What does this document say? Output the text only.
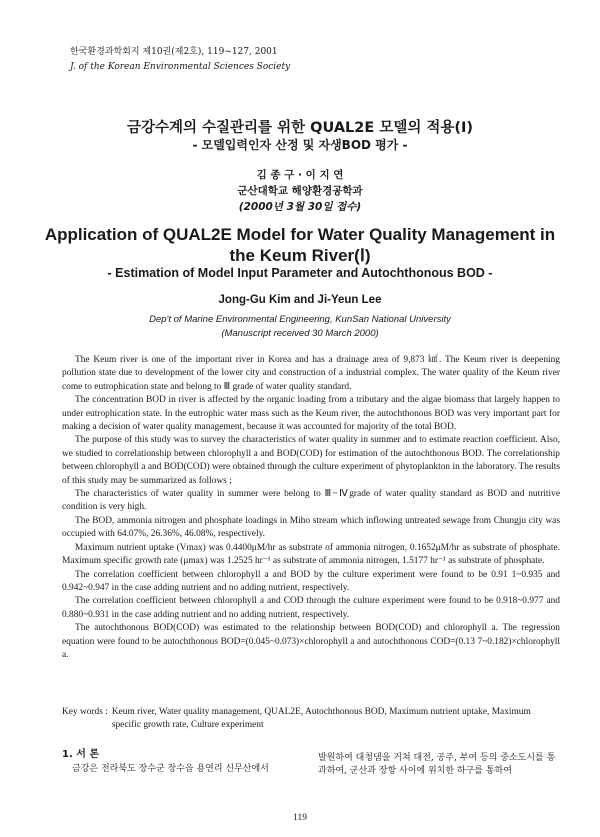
한국환경과학회지 제10권(제2호), 119~127, 2001
J. of the Korean Environmental Sciences Society
금강수계의 수질관리를 위한 QUAL2E 모델의 적용(Ⅰ)
- 모델입력인자 산정 및 자생BOD 평가 -
김 종 구 · 이 지 연
군산대학교 해양환경공학과
(2000년 3월 30일 접수)
Application of QUAL2E Model for Water Quality Management in
the Keum River(Ⅰ)
- Estimation of Model Input Parameter and Autochthonous BOD -
Jong-Gu Kim and Ji-Yeun Lee
Dep't of Marine Environmental Engineering, KunSan National University
(Manuscript received 30 March 2000)

The Keum river is one of the important river in Korea and has a drainage area of 9,873 ㎢. The Keum river is deepening pollution state due to development of the lower city and construction of a industrial complex. The water quality of the Keum river come to eutrophication state and belong to Ⅲ grade of water quality standard.

The concentration BOD in river is affected by the organic loading from a tributary and the algae biomass that largely happen to under eutrophication state. In the eutrophic water mass such as the Keum river, the autochthonous BOD was very important part for making a decision of water quality management, because it was accounted for majority of the total BOD.

The purpose of this study was to survey the characteristics of water quality in summer and to estimate reaction coefficient. Also, we studied to correlationship between chlorophyll a and BOD(COD) for estimation of the autochthonous BOD. The correlationship between chlorophyll a and BOD(COD) were obtained through the culture experiment of phytoplankton in the laboratory. The results of this study may be summarized as follows ;

The characteristics of water quality in summer were belong to Ⅲ~Ⅳgrade of water quality standard as BOD and nutritive condition is very high.

The BOD, ammonia nitrogen and phosphate loadings in Miho stream which inflowing untreated sewage from Chungju city was occupied with 64.07%, 26.36%, 46.08%, respectively.

Maximum nutrient uptake (Vmax) was 0.4400μM/hr as substrate of ammonia nitrogen, 0.1652μM/hr as substrate of phosphate. Maximum specific growth rate (μmax) was 1.2525 hr⁻¹ as substrate of ammonia nitrogen, 1.5177 hr⁻¹ as substrate of phosphate.

The correlation coefficient between chlorophyll a and BOD by the culture experiment were found to be 0.91 1~0.935 and 0.942~0.947 in the case adding nutrient and no adding nutrient, respectively.

The correlation coefficient between chlorophyll a and COD through the culture experiment were found to be 0.918~0.977 and 0.880~0.931 in the case adding nutrient and no adding nutrient, respectively.

The autochthonous BOD(COD) was estimated to the relationship between BOD(COD) and chlorophyll a. The regression equation were found to be autochthonous BOD=(0.045~0.073)×chlorophyll a and autochthonous COD=(0.13 7~0.182)×chlorophyll a.

Key words : Keum river, Water quality management, QUAL2E, Autochthonous BOD, Maximum nutrient uptake, Maximum specific growth rate, Culture experiment
1. 서 론

금강은 전라북도 장수군 장수읍 용연리 신무산에서

발원하여 대청댐을 거쳐 대전, 공주, 부여 등의 중소도시를 통과하여, 군산과 장항 사이에 위치한 하구를 통하여

119
